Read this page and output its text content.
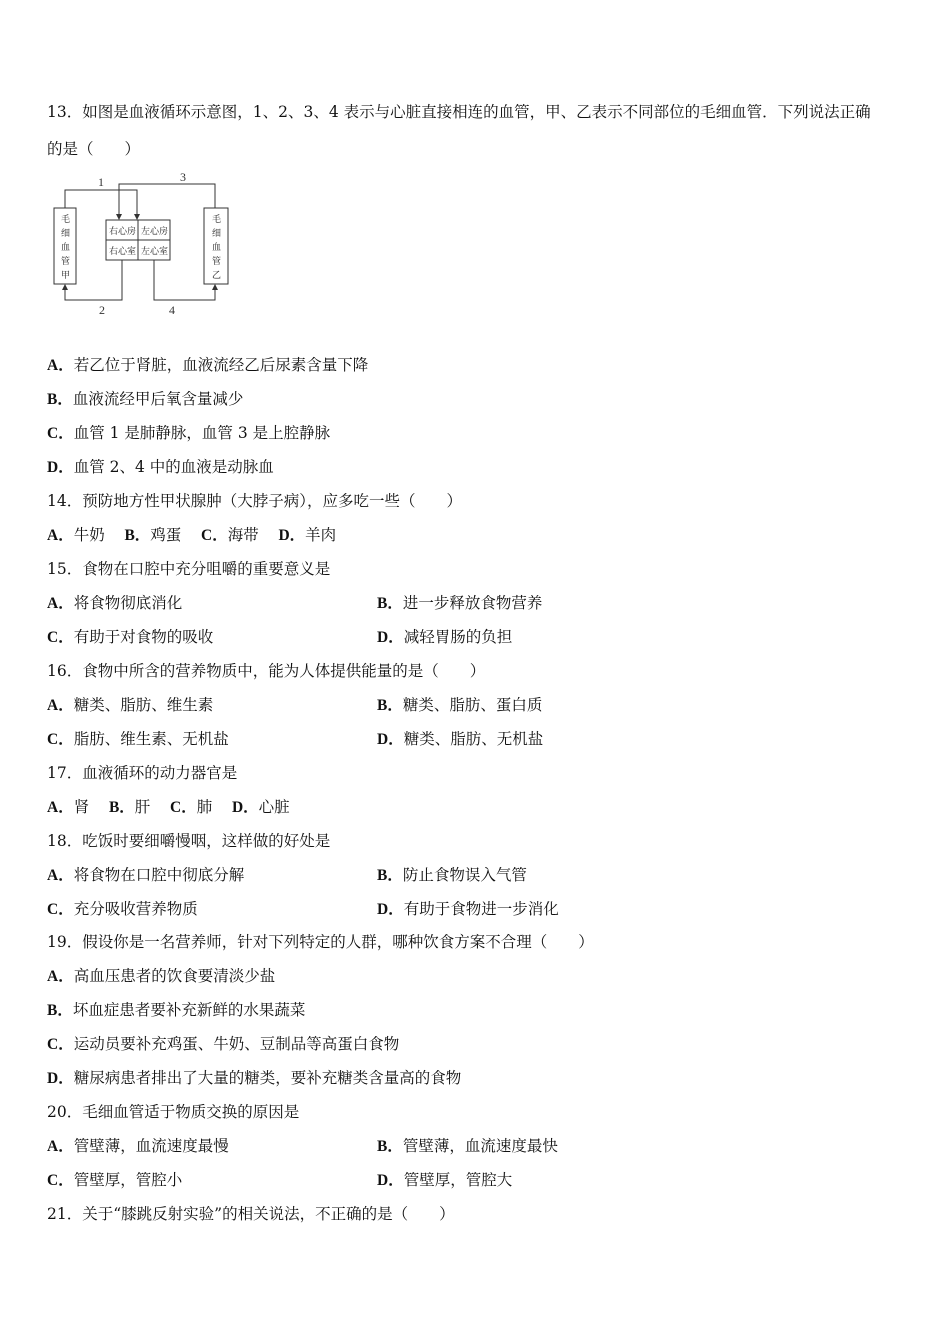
13．如图是血液循环示意图，1、2、3、4 表示与心脏直接相连的血管，甲、乙表示不同部位的毛细血管．下列说法正确
的是（　　）
1	3
毛
细
血
管
甲
毛
细
血
管
乙
右心房 左心房
右心室 左心室
2	4
A．若乙位于肾脏，血液流经乙后尿素含量下降
B．血液流经甲后氧含量减少
C．血管 1 是肺静脉，血管 3 是上腔静脉
D．血管 2、4 中的血液是动脉血
14．预防地方性甲状腺肿（大脖子病），应多吃一些（　　）
A．牛奶 B．鸡蛋 C．海带 D．羊肉
15．食物在口腔中充分咀嚼的重要意义是
A．将食物彻底消化	B．进一步释放食物营养
C．有助于对食物的吸收	D．减轻胃肠的负担
16．食物中所含的营养物质中，能为人体提供能量的是（　　）
A．糖类、脂肪、维生素	B．糖类、脂肪、蛋白质
C．脂肪、维生素、无机盐	D．糖类、脂肪、无机盐
17．血液循环的动力器官是
A．肾 B．肝 C．肺 D．心脏
18．吃饭时要细嚼慢咽，这样做的好处是
A．将食物在口腔中彻底分解	B．防止食物误入气管
C．充分吸收营养物质	D．有助于食物进一步消化
19．假设你是一名营养师，针对下列特定的人群，哪种饮食方案不合理（　　）
A．高血压患者的饮食要清淡少盐
B．坏血症患者要补充新鲜的水果蔬菜
C．运动员要补充鸡蛋、牛奶、豆制品等高蛋白食物
D．糖尿病患者排出了大量的糖类，要补充糖类含量高的食物
20．毛细血管适于物质交换的原因是
A．管壁薄，血流速度最慢	B．管壁薄，血流速度最快
C．管壁厚，管腔小	D．管壁厚，管腔大
21．关于“膝跳反射实验”的相关说法，不正确的是（　　）
